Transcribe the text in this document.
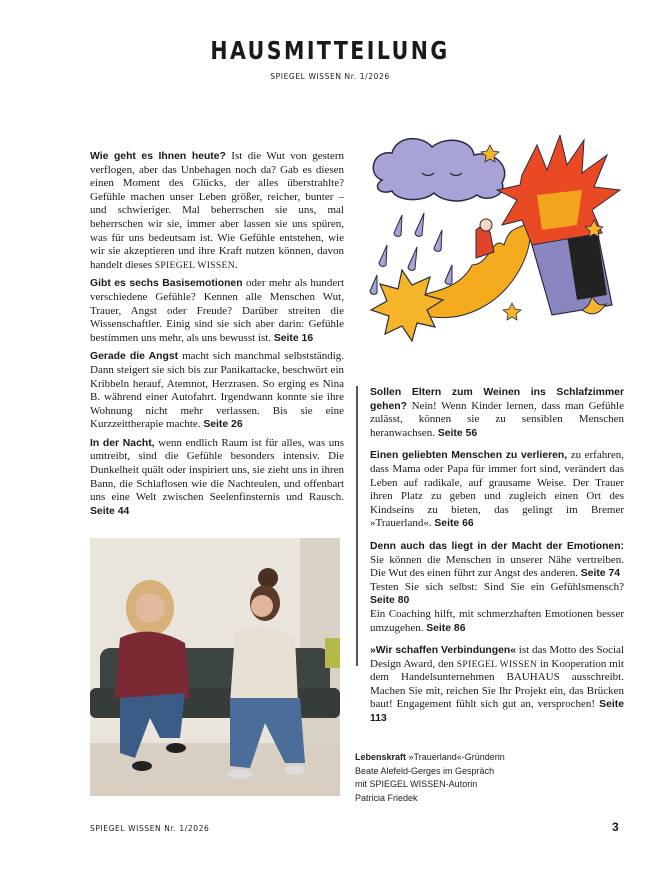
HAUSMITTEILUNG
SPIEGEL WISSEN Nr. 1/2026

Wie geht es Ihnen heute? Ist die Wut von gestern verflogen, aber das Unbehagen noch da? Gab es diesen einen Moment des Glücks, der alles überstrahlte? Gefühle machen unser Leben größer, reicher, bunter – und schwieriger. Mal beherrschen sie uns, mal beherrschen wir sie, immer aber lassen sie uns spüren, was für uns bedeutsam ist. Wie Gefühle entstehen, wie wir sie akzeptieren und ihre Kraft nutzen können, davon handelt dieses SPIEGEL WISSEN.

Gibt es sechs Basisemotionen oder mehr als hundert verschiedene Gefühle? Kennen alle Menschen Wut, Trauer, Angst oder Freude? Darüber streiten die Wissenschaftler. Einig sind sie sich aber darin: Gefühle bestimmen uns mehr, als uns bewusst ist. Seite 16

Gerade die Angst macht sich manchmal selbstständig. Dann steigert sie sich bis zur Panikattacke, beschwört ein Kribbeln herauf, Atemnot, Herzrasen. So erging es Nina B. während einer Autofahrt. Irgendwann konnte sie ihre Wohnung nicht mehr verlassen. Bis sie eine Kurzzeittherapie machte. Seite 26

In der Nacht, wenn endlich Raum ist für alles, was uns umtreibt, sind die Gefühle besonders intensiv. Die Dunkelheit quält oder inspiriert uns, sie zieht uns in ihren Bann, die Schlaflosen wie die Nachteulen, und offenbart uns eine Welt zwischen Seelenfinsternis und Rausch. Seite 44

Sollen Eltern zum Weinen ins Schlafzimmer gehen? Nein! Wenn Kinder lernen, dass man Gefühle zulässt, können sie zu sensiblen Menschen heranwachsen. Seite 56

Einen geliebten Menschen zu verlieren, zu erfahren, dass Mama oder Papa für immer fort sind, verändert das Leben auf radikale, auf grausame Weise. Der Trauer ihren Platz zu geben und zugleich einen Ort des Kindseins zu bieten, das gelingt im Bremer »Trauerland«. Seite 66

Denn auch das liegt in der Macht der Emotionen: Sie können die Menschen in unserer Nähe vertreiben. Die Wut des einen führt zur Angst des anderen. Seite 74
Testen Sie sich selbst: Sind Sie ein Gefühlsmensch? Seite 80
Ein Coaching hilft, mit schmerzhaften Emotionen besser umzugehen. Seite 86

»Wir schaffen Verbindungen« ist das Motto des Social Design Award, den SPIEGEL WISSEN in Kooperation mit dem Handelsunternehmen BAUHAUS ausschreibt. Machen Sie mit, reichen Sie Ihr Projekt ein, das Brücken baut! Engagement fühlt sich gut an, versprochen! Seite 113

Lebenskraft »Trauerland«-Gründerin
Beate Alefeld-Gerges im Gespräch
mit SPIEGEL WISSEN-Autorin
Patricia Friedek
SPIEGEL WISSEN Nr. 1/2026	3
